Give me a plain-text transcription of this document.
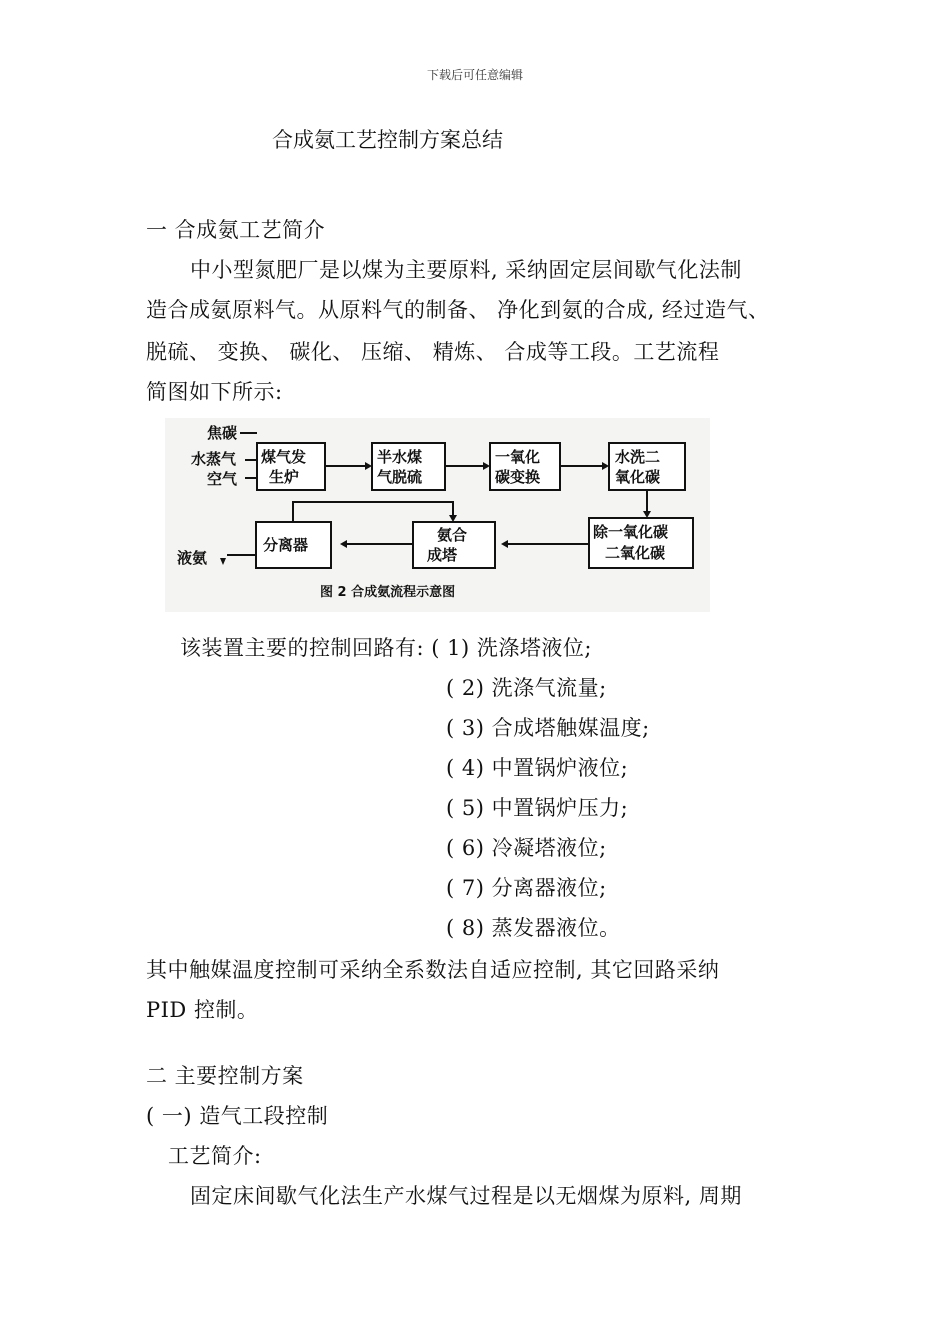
下载后可任意编辑
合成氨工艺控制方案总结
一 合成氨工艺简介
中小型氮肥厂是以煤为主要原料, 采纳固定层间歇气化法制
造合成氨原料气。从原料气的制备、 净化到氨的合成, 经过造气、
脱硫、 变换、 碳化、 压缩、 精炼、 合成等工段。工艺流程
简图如下所示:
焦碳
水蒸气
空气
煤气发
生炉
半水煤
气脱硫
一氧化
碳变换
水洗二
氧化碳
除一氧化碳
二氧化碳
氨合
成塔
分离器
液氨
图 2 合成氨流程示意图
该装置主要的控制回路有: ( 1) 洗涤塔液位;
( 2) 洗涤气流量;
( 3) 合成塔触媒温度;
( 4) 中置锅炉液位;
( 5) 中置锅炉压力;
( 6) 冷凝塔液位;
( 7) 分离器液位;
( 8) 蒸发器液位。
其中触媒温度控制可采纳全系数法自适应控制, 其它回路采纳
PID 控制。
二 主要控制方案
( 一) 造气工段控制
工艺简介:
固定床间歇气化法生产水煤气过程是以无烟煤为原料, 周期
